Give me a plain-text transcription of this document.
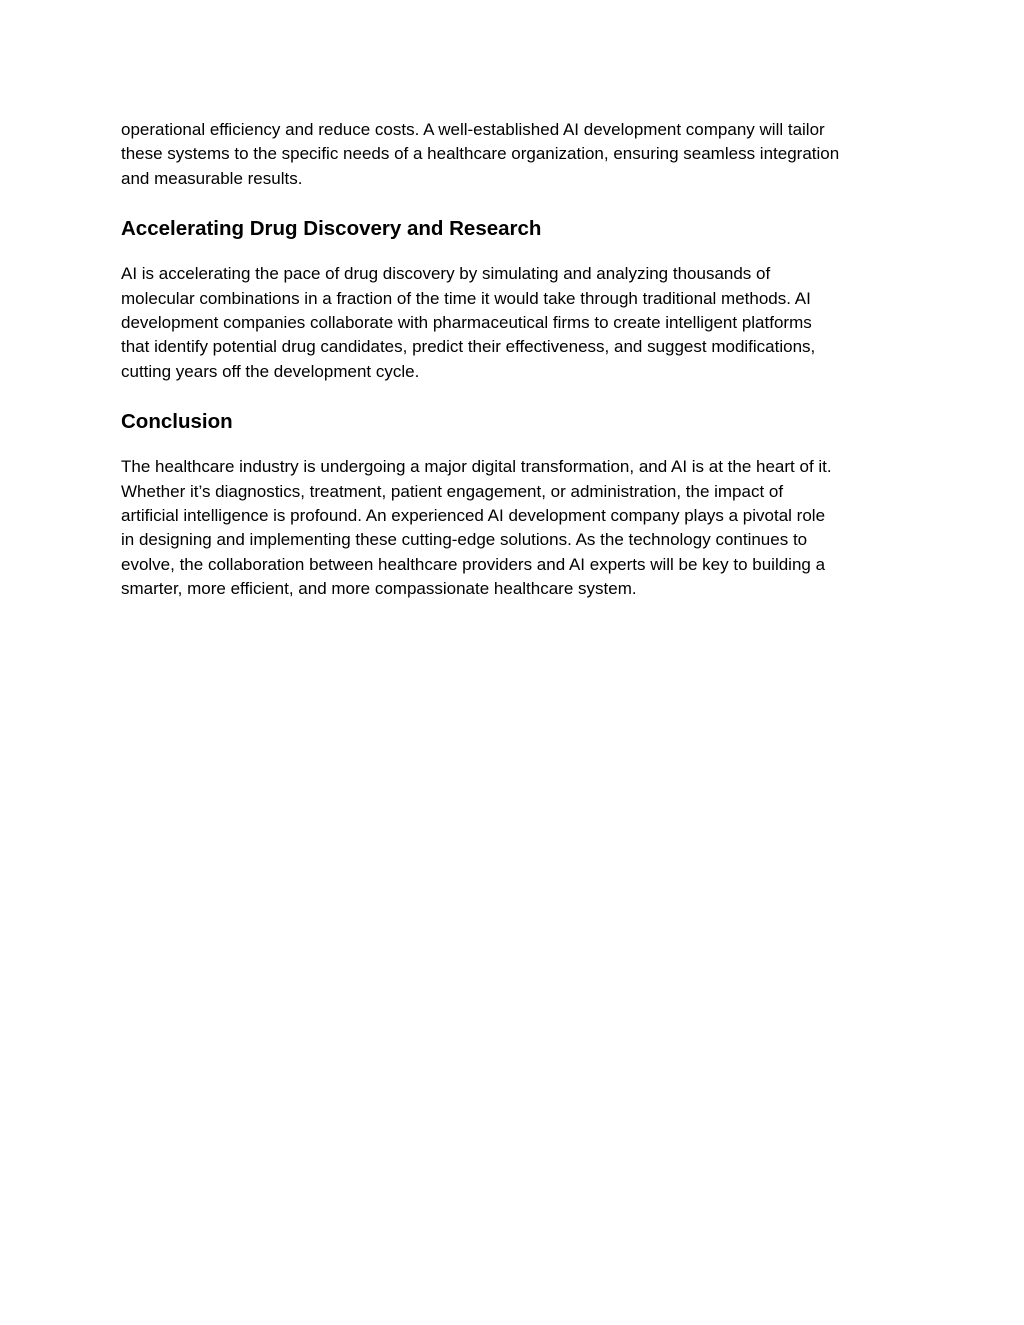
operational efficiency and reduce costs. A well-established AI development company will tailor
these systems to the specific needs of a healthcare organization, ensuring seamless integration
and measurable results.

Accelerating Drug Discovery and Research

AI is accelerating the pace of drug discovery by simulating and analyzing thousands of
molecular combinations in a fraction of the time it would take through traditional methods. AI
development companies collaborate with pharmaceutical firms to create intelligent platforms
that identify potential drug candidates, predict their effectiveness, and suggest modifications,
cutting years off the development cycle.

Conclusion

The healthcare industry is undergoing a major digital transformation, and AI is at the heart of it.
Whether it’s diagnostics, treatment, patient engagement, or administration, the impact of
artificial intelligence is profound. An experienced AI development company plays a pivotal role
in designing and implementing these cutting-edge solutions. As the technology continues to
evolve, the collaboration between healthcare providers and AI experts will be key to building a
smarter, more efficient, and more compassionate healthcare system.
